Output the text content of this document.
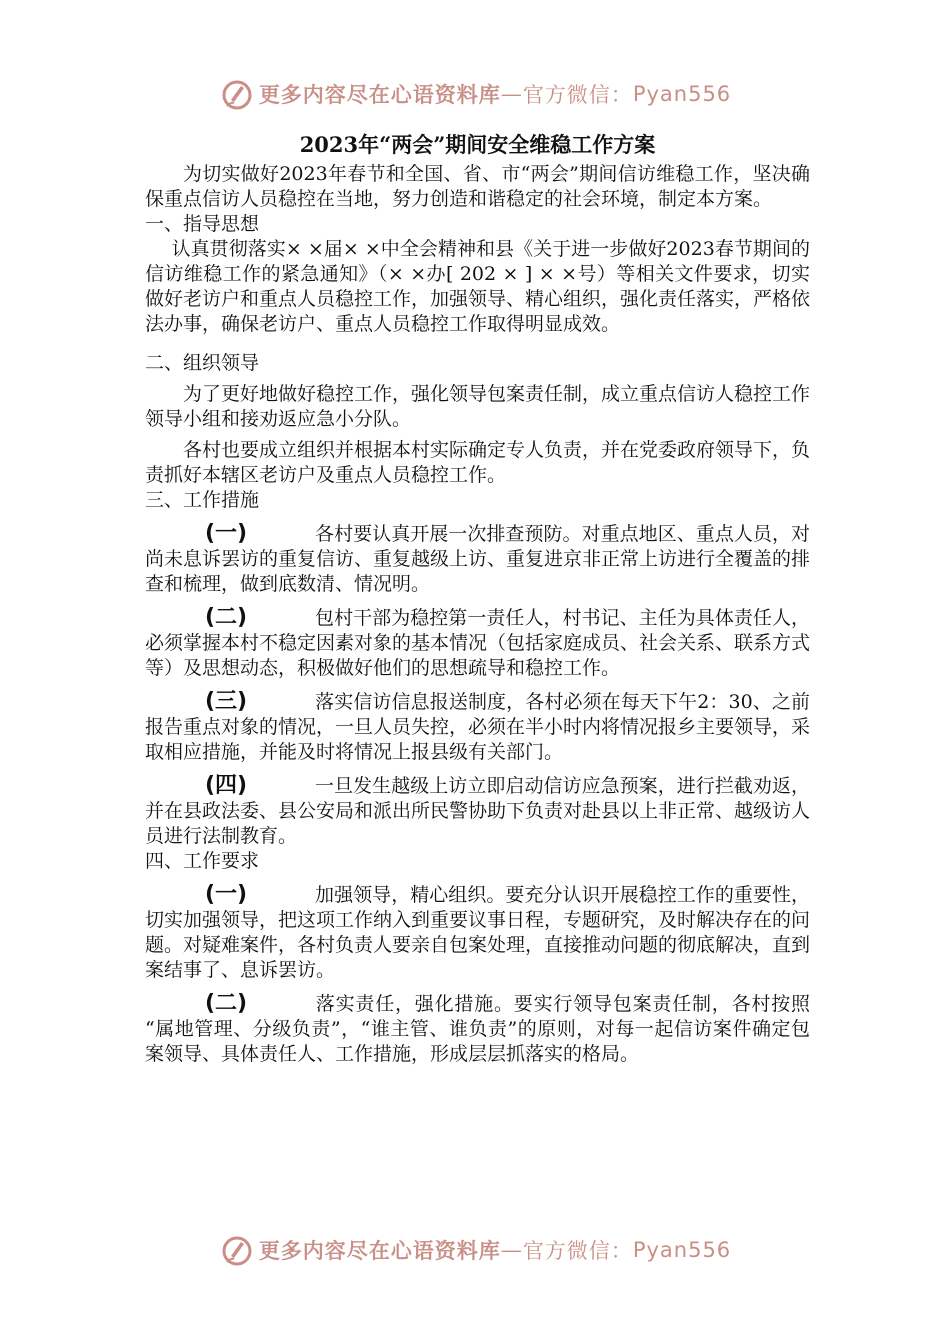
更多内容尽在心语资料库 — 官方微信： Pyan556
2023年“两会”期间安全维稳工作方案

为切实做好2023年春节和全国、省、市“两会”期间信访维稳工作，坚决确保重点信访人员稳控在当地，努力创造和谐稳定的社会环境，制定本方案。

一、指导思想

认真贯彻落实× ×届× ×中全会精神和县《关于进一步做好2023春节期间的信访维稳工作的紧急通知》（× ×办[ 202 × ] × ×号）等相关文件要求，切实做好老访户和重点人员稳控工作，加强领导、精心组织，强化责任落实，严格依法办事，确保老访户、重点人员稳控工作取得明显成效。

二、组织领导

为了更好地做好稳控工作，强化领导包案责任制，成立重点信访人稳控工作领导小组和接劝返应急小分队。

各村也要成立组织并根据本村实际确定专人负责，并在党委政府领导下，负责抓好本辖区老访户及重点人员稳控工作。

三、工作措施

(一)	各村要认真开展一次排查预防。对重点地区、重点人员，对尚未息诉罢访的重复信访、重复越级上访、重复进京非正常上访进行全覆盖的排查和梳理，做到底数清、情况明。

(二)	包村干部为稳控第一责任人，村书记、主任为具体责任人，必须掌握本村不稳定因素对象的基本情况（包括家庭成员、社会关系、联系方式等）及思想动态，积极做好他们的思想疏导和稳控工作。

(三)	落实信访信息报送制度，各村必须在每天下午2：30、之前报告重点对象的情况，一旦人员失控，必须在半小时内将情况报乡主要领导，采取相应措施，并能及时将情况上报县级有关部门。

(四)	一旦发生越级上访立即启动信访应急预案，进行拦截劝返，并在县政法委、县公安局和派出所民警协助下负责对赴县以上非正常、越级访人员进行法制教育。

四、工作要求

(一)	加强领导，精心组织。要充分认识开展稳控工作的重要性，切实加强领导，把这项工作纳入到重要议事日程，专题研究，及时解决存在的问题。对疑难案件，各村负责人要亲自包案处理，直接推动问题的彻底解决，直到案结事了、息诉罢访。

(二)	落实责任，强化措施。要实行领导包案责任制，各村按照 “属地管理、分级负责”，“谁主管、谁负责”的原则，对每一起信访案件确定包案领导、具体责任人、工作措施，形成层层抓落实的格局。

更多内容尽在心语资料库 — 官方微信： Pyan556
